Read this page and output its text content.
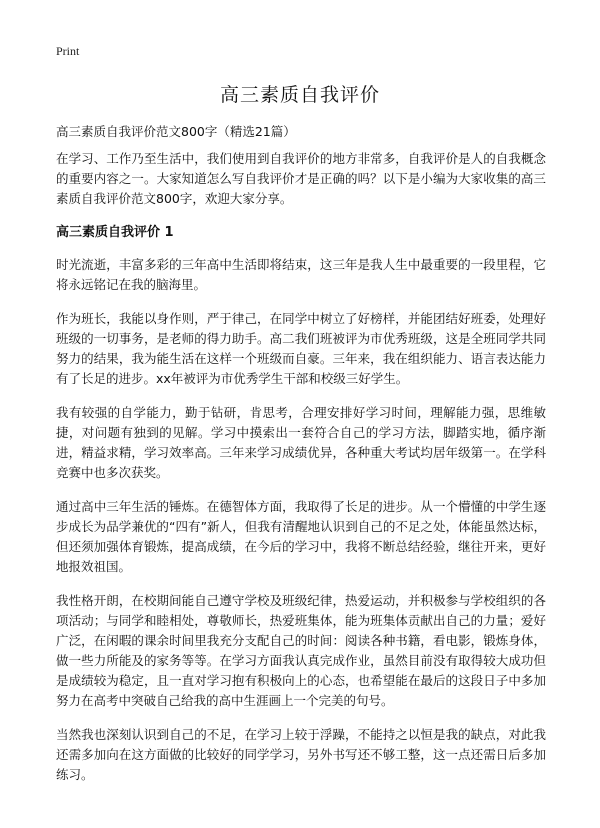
Print
高三素质自我评价

高三素质自我评价范文800字（精选21篇）

在学习、工作乃至生活中，我们使用到自我评价的地方非常多，自我评价是人的自我概念的重要内容之一。大家知道怎么写自我评价才是正确的吗？以下是小编为大家收集的高三素质自我评价范文800字，欢迎大家分享。

高三素质自我评价 1

时光流逝，丰富多彩的三年高中生活即将结束，这三年是我人生中最重要的一段里程，它将永远铭记在我的脑海里。

作为班长，我能以身作则，严于律己，在同学中树立了好榜样，并能团结好班委，处理好班级的一切事务，是老师的得力助手。高二我们班被评为市优秀班级，这是全班同学共同努力的结果，我为能生活在这样一个班级而自豪。三年来，我在组织能力、语言表达能力有了长足的进步。xx年被评为市优秀学生干部和校级三好学生。

我有较强的自学能力，勤于钻研，肯思考，合理安排好学习时间，理解能力强，思维敏捷，对问题有独到的见解。学习中摸索出一套符合自己的学习方法，脚踏实地，循序渐进，精益求精，学习效率高。三年来学习成绩优异，各种重大考试均居年级第一。在学科竞赛中也多次获奖。

通过高中三年生活的锤炼。在德智体方面，我取得了长足的进步。从一个懵懂的中学生逐步成长为品学兼优的“四有”新人，但我有清醒地认识到自己的不足之处，体能虽然达标，但还须加强体育锻炼，提高成绩，在今后的学习中，我将不断总结经验，继往开来，更好地报效祖国。

我性格开朗，在校期间能自己遵守学校及班级纪律，热爱运动，并积极参与学校组织的各项活动；与同学和睦相处，尊敬师长，热爱班集体，能为班集体贡献出自己的力量；爱好广泛，在闲暇的课余时间里我充分支配自己的时间：阅读各种书籍，看电影，锻炼身体，做一些力所能及的家务等等。在学习方面我认真完成作业，虽然目前没有取得较大成功但是成绩较为稳定，且一直对学习抱有积极向上的心态，也希望能在最后的这段日子中多加努力在高考中突破自己给我的高中生涯画上一个完美的句号。

当然我也深刻认识到自己的不足，在学习上较于浮躁，不能持之以恒是我的缺点，对此我还需多加向在这方面做的比较好的同学学习，另外书写还不够工整，这一点还需日后多加练习。
